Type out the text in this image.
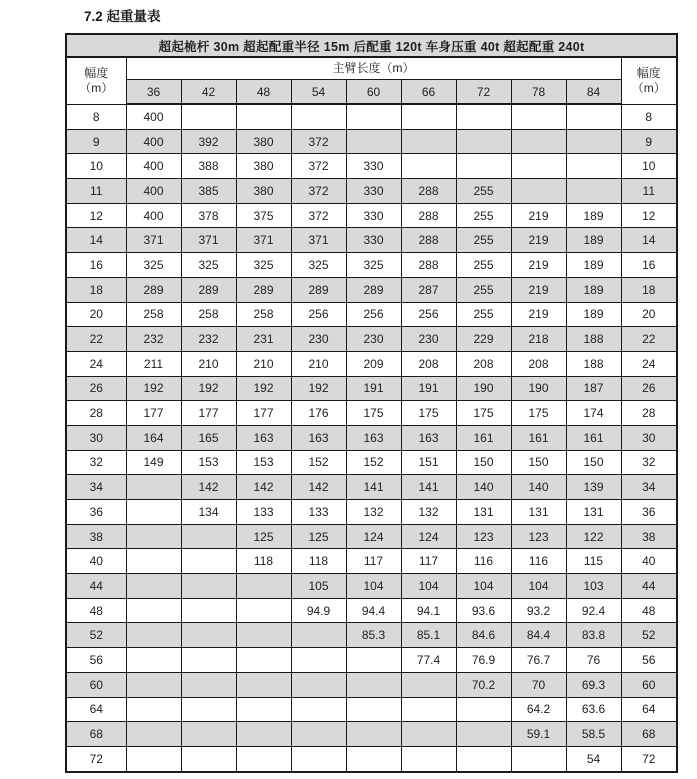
7.2 起重量表
超起桅杆 30m 超起配重半径 15m 后配重 120t 车身压重 40t 超起配重 240t										

幅度
（m）
	主臂长度（m）	幅度
（m）

	36	42	48	54	60	66	72	78	84	
8	400									8
9	400	392	380	372						9
10	400	388	380	372	330					10
11	400	385	380	372	330	288	255			11
12	400	378	375	372	330	288	255	219	189	12
14	371	371	371	371	330	288	255	219	189	14
16	325	325	325	325	325	288	255	219	189	16
18	289	289	289	289	289	287	255	219	189	18
20	258	258	258	256	256	256	255	219	189	20
22	232	232	231	230	230	230	229	218	188	22
24	211	210	210	210	209	208	208	208	188	24
26	192	192	192	192	191	191	190	190	187	26
28	177	177	177	176	175	175	175	175	174	28
30	164	165	163	163	163	163	161	161	161	30
32	149	153	153	152	152	151	150	150	150	32
34		142	142	142	141	141	140	140	139	34
36		134	133	133	132	132	131	131	131	36
38			125	125	124	124	123	123	122	38
40			118	118	117	117	116	116	115	40
44				105	104	104	104	104	103	44
48				94.9	94.4	94.1	93.6	93.2	92.4	48
52					85.3	85.1	84.6	84.4	83.8	52
56						77.4	76.9	76.7	76	56
60							70.2	70	69.3	60
64								64.2	63.6	64
68								59.1	58.5	68
72									54	72
